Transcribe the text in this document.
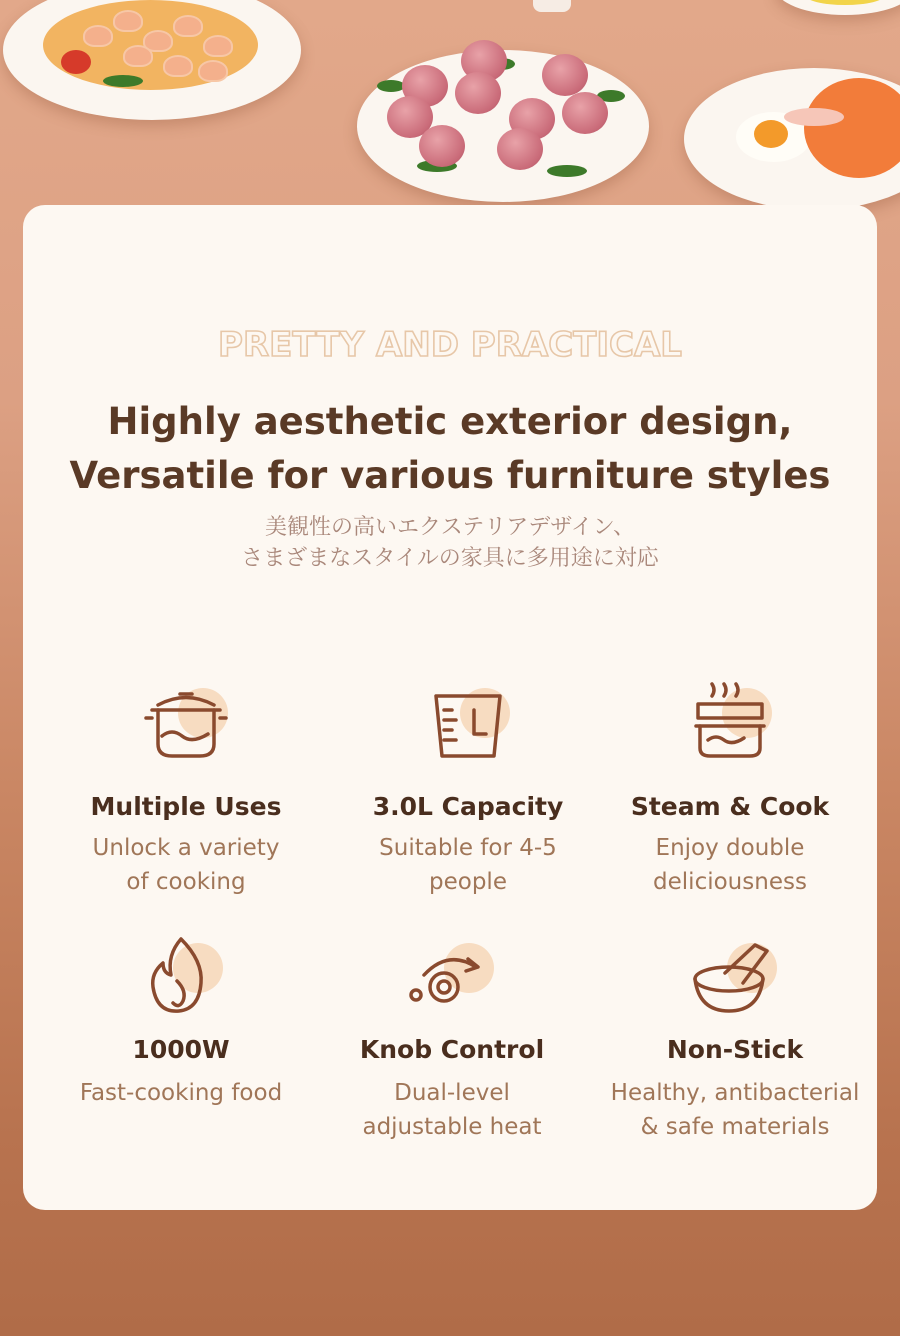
PRETTY AND PRACTICAL
Highly aesthetic exterior design,
Versatile for various furniture styles
美観性の高いエクステリアデザイン、
さまざまなスタイルの家具に多用途に対応
Multiple Uses
Unlock a variety
of cooking
3.0L Capacity
Suitable for 4-5
people
Steam & Cook
Enjoy double
deliciousness
1000W
Fast-cooking food
Knob Control
Dual-level
adjustable heat
Non-Stick
Healthy, antibacterial
& safe materials
